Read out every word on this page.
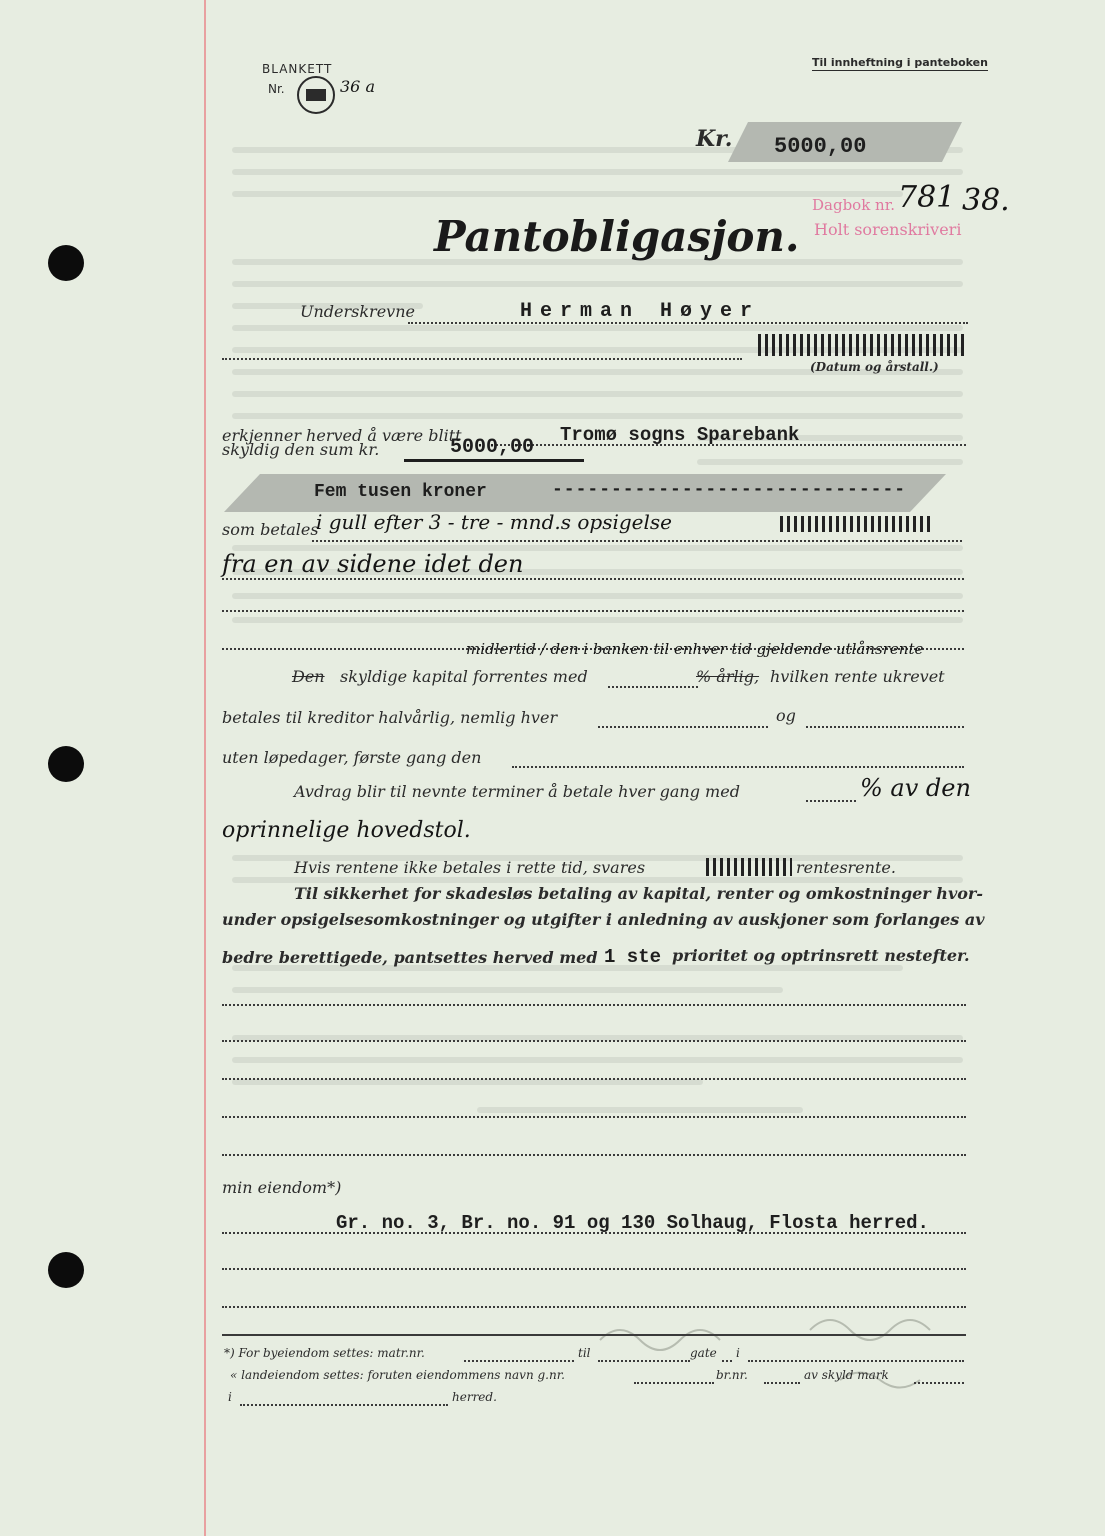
BLANKETT
Nr.	36 a
Til innheftning i panteboken
Kr. 5000,00
Dagbok nr. 781 38.
Holt sorenskriveri
Pantobligasjon.
Underskrevne	Herman Høyer
(Datum og årstall.)
erkjenner herved å være blitt	Tromø sogns Sparebank
skyldig den sum kr.	5000,00
Fem tusen kroner	------------------------------
som betales
i gull efter 3 - tre - mnd.s opsigelse
fra en av sidene idet den
midlertid / den i banken til enhver tid gjeldende utlånsrente
Den skyldige kapital forrentes med	% årlig, hvilken rente ukrevet
betales til kreditor halvårlig, nemlig hver	og
uten løpedager, første gang den
Avdrag blir til nevnte terminer å betale hver gang med	% av den
oprinnelige hovedstol.
Hvis rentene ikke betales i rette tid, svares	rentesrente.
Til sikkerhet for skadesløs betaling av kapital, renter og omkostninger hvor-
under opsigelsesomkostninger og utgifter i anledning av auskjoner som forlanges av
bedre berettigede, pantsettes herved med 1 ste prioritet og optrinsrett nestefter.
min eiendom*)
Gr. no. 3, Br. no. 91 og 130 Solhaug, Flosta herred.
*) For byeiendom settes: matr.nr.	til	gate i
« landeiendom settes: foruten eiendommens navn g.nr.	br.nr.	av skyld mark
i	herred.
